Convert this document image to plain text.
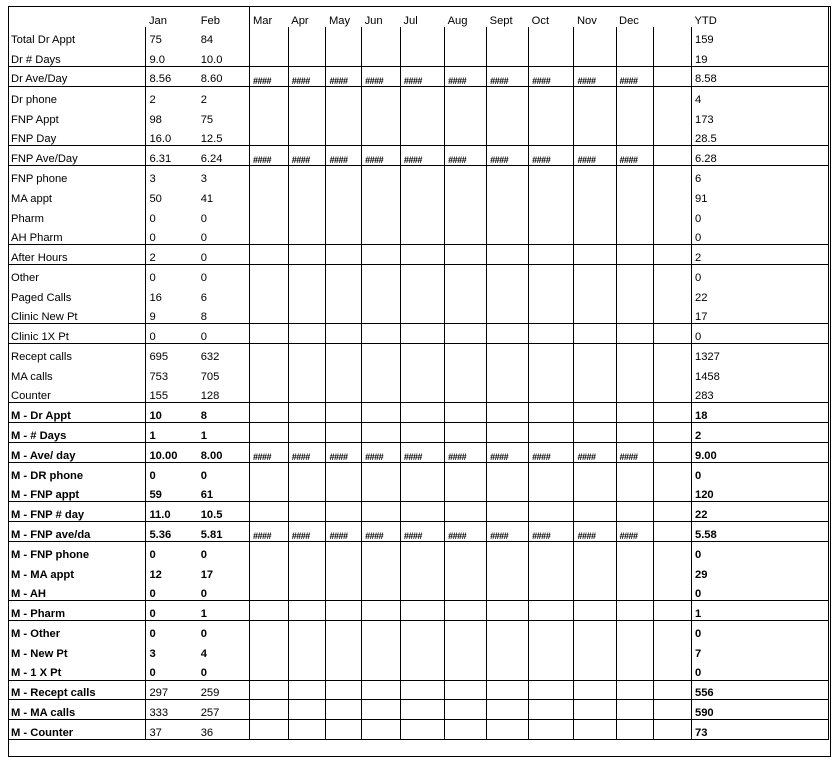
	Jan	Feb	Mar	Apr	May	Jun	Jul	Aug	Sept	Oct	Nov	Dec		YTD
Total Dr Appt	75	84												159
Dr # Days	9.0	10.0												19
Dr Ave/Day	8.56	8.60	####	####	####	####	####	####	####	####	####	####		8.58
Dr phone	2	2												4
FNP Appt	98	75												173
FNP Day	16.0	12.5												28.5
FNP Ave/Day	6.31	6.24	####	####	####	####	####	####	####	####	####	####		6.28
FNP phone	3	3												6
MA appt	50	41												91
Pharm	0	0												0
AH Pharm	0	0												0
After Hours	2	0												2
Other	0	0												0
Paged Calls	16	6												22
Clinic New Pt	9	8												17
Clinic 1X Pt	0	0												0
Recept calls	695	632												1327
MA calls	753	705												1458
Counter	155	128												283
M - Dr Appt	10	8												18
M - # Days	1	1												2
M - Ave/ day	10.00	8.00	####	####	####	####	####	####	####	####	####	####		9.00
M - DR phone	0	0												0
M - FNP appt	59	61												120
M - FNP # day	11.0	10.5												22
M - FNP ave/da	5.36	5.81	####	####	####	####	####	####	####	####	####	####		5.58
M - FNP phone	0	0												0
M - MA appt	12	17												29
M - AH	0	0												0
M - Pharm	0	1												1
M - Other	0	0												0
M - New Pt	3	4												7
M - 1 X Pt	0	0												0
M - Recept calls	297	259												556
M - MA calls	333	257												590
M - Counter	37	36												73
